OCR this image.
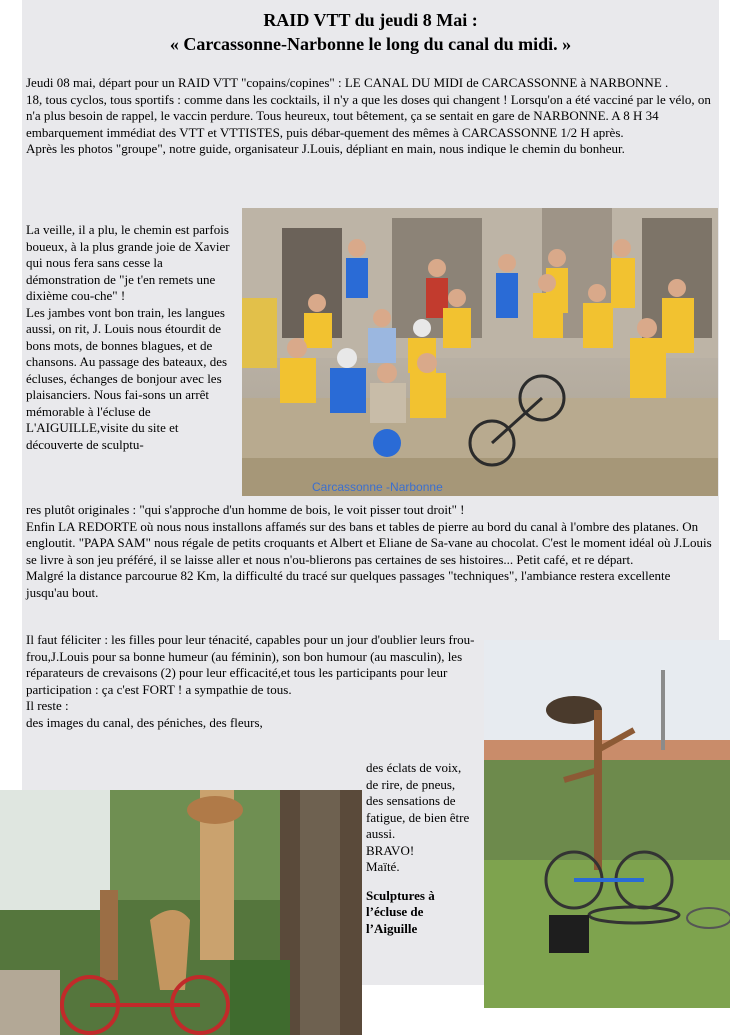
RAID VTT du jeudi 8 Mai :
« Carcassonne-Narbonne le long du canal du midi. »

Jeudi 08 mai, départ pour un RAID VTT "copains/copines" : LE CANAL DU MIDI de CARCASSONNE à NARBONNE .

18, tous cyclos, tous sportifs : comme dans les cocktails, il n'y a que les doses qui changent ! Lorsqu'on a été vacciné par le vélo, on n'a plus besoin de rappel, le vaccin perdure. Tous heureux, tout bêtement, ça se sentait en gare de NARBONNE. A 8 H 34 embarquement immédiat des VTT et VTTISTES, puis débar-quement des mêmes à CARCASSONNE 1/2 H après.

Après les photos "groupe", notre guide, organisateur J.Louis, dépliant en main, nous indique le chemin du bonheur.

La veille, il a plu, le chemin est parfois boueux, à la plus grande joie de Xavier qui nous fera sans cesse la démonstration de "je t'en remets une dixième cou-che" !

Les jambes vont bon train, les langues aussi, on rit, J. Louis nous étourdit de bons mots, de bonnes blagues, et de chansons. Au passage des bateaux, des écluses, échanges de bonjour avec les plaisanciers. Nous fai-sons un arrêt mémorable à l'écluse de L'AIGUILLE,visite du site et découverte de sculptu-

Carcassonne -Narbonne

res plutôt originales : "qui s'approche d'un homme de bois, le voit pisser tout droit" !

Enfin LA REDORTE où nous nous installons affamés sur des bans et tables de pierre au bord du canal à l'ombre des platanes. On engloutit. "PAPA SAM" nous régale de petits croquants et Albert et Eliane de Sa-vane au chocolat. C'est le moment idéal où J.Louis se livre à son jeu préféré, il se laisse aller et nous n'ou-blierons pas certaines de ses histoires... Petit café, et re départ.

Malgré la distance parcourue 82 Km, la difficulté du tracé sur quelques passages "techniques", l'ambiance restera excellente jusqu'au bout.

Il faut féliciter : les filles pour leur ténacité, capables pour un jour d'oublier leurs frou-frou,J.Louis pour sa bonne humeur (au féminin), son bon humour (au masculin), les réparateurs de crevaisons (2) pour leur efficacité,et tous les participants pour leur participation : ça c'est FORT ! a sympathie de tous.

Il reste :

des images du canal, des péniches, des fleurs,

des éclats de voix, de rire, de pneus,

des sensations de fatigue, de bien être aussi.

BRAVO!

Maïté.

Sculptures à l’écluse de l’Aiguille
